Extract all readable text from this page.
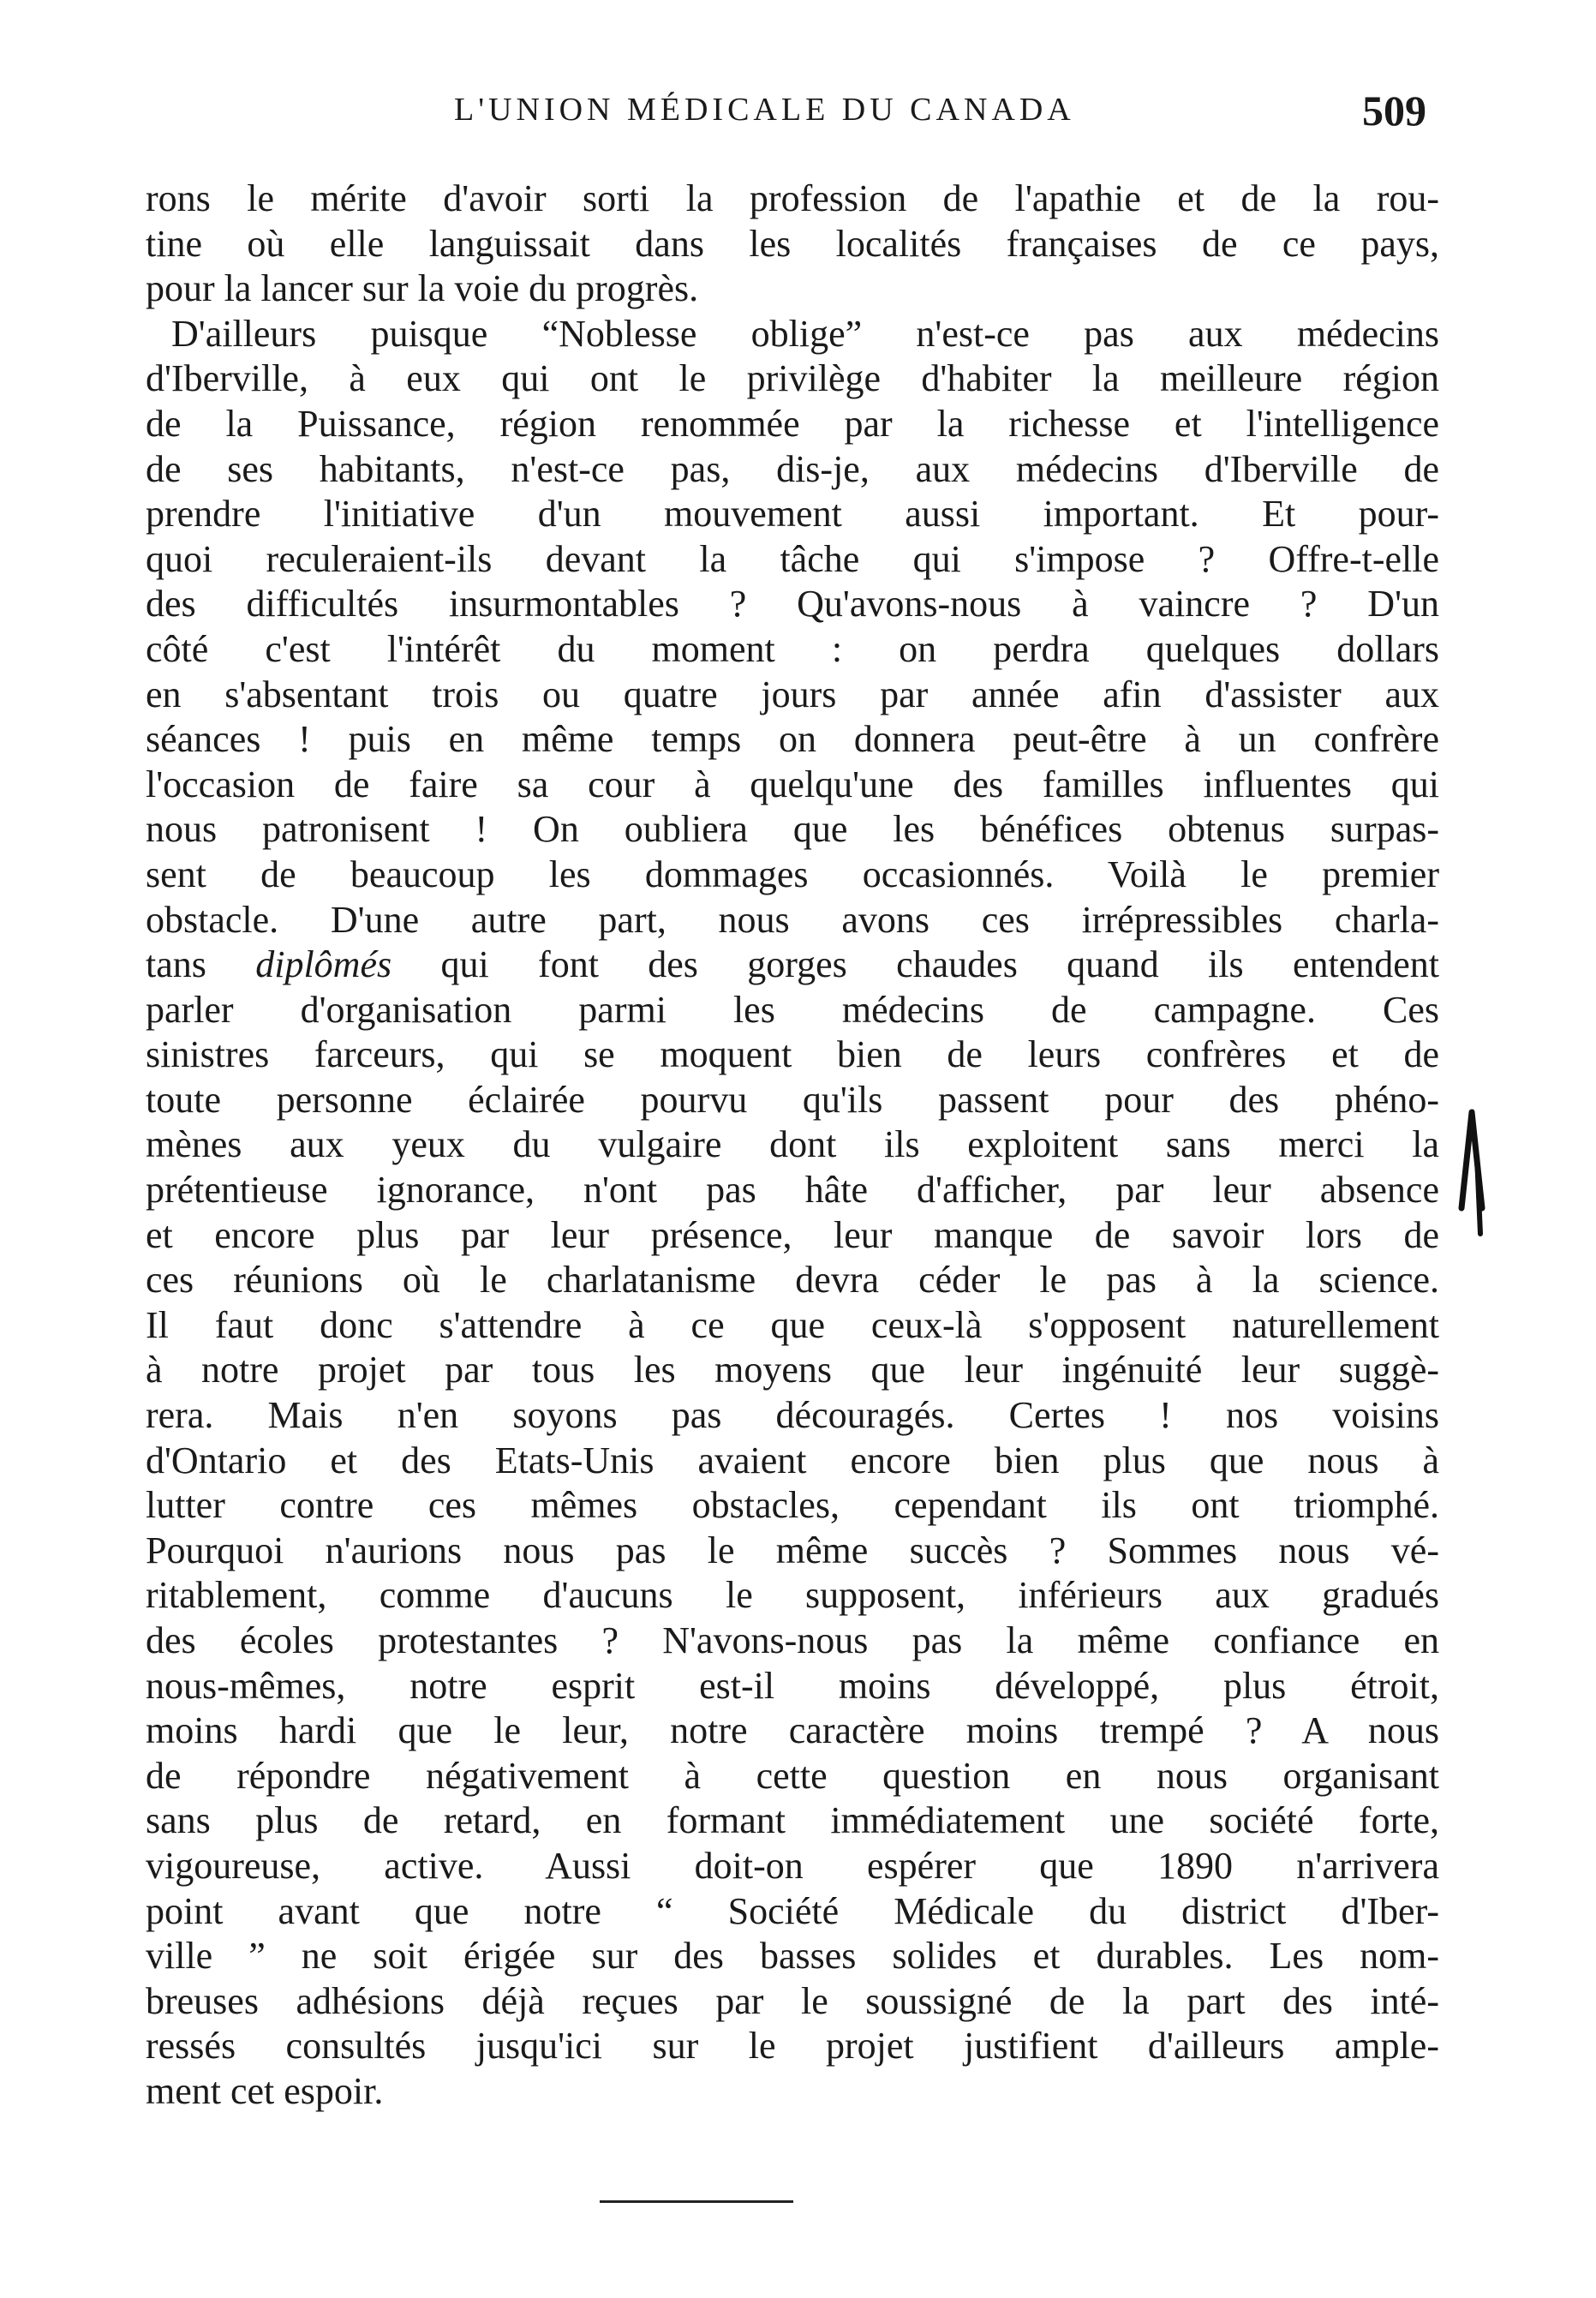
L'UNION MÉDICALE DU CANADA	509
rons le mérite d'avoir sorti la profession de l'apathie et de la rou-
tine où elle languissait dans les localités françaises de ce pays,
pour la lancer sur la voie du progrès.
D'ailleurs puisque “Noblesse oblige” n'est-ce pas aux médecins
d'Iberville, à eux qui ont le privilège d'habiter la meilleure région
de la Puissance, région renommée par la richesse et l'intelligence
de ses habitants, n'est-ce pas, dis-je, aux médecins d'Iberville de
prendre l'initiative d'un mouvement aussi important. Et pour-
quoi reculeraient-ils devant la tâche qui s'impose ? Offre-t-elle
des difficultés insurmontables ? Qu'avons-nous à vaincre ? D'un
côté c'est l'intérêt du moment : on perdra quelques dollars
en s'absentant trois ou quatre jours par année afin d'assister aux
séances ! puis en même temps on donnera peut-être à un confrère
l'occasion de faire sa cour à quelqu'une des familles influentes qui
nous patronisent ! On oubliera que les bénéfices obtenus surpas-
sent de beaucoup les dommages occasionnés. Voilà le premier
obstacle. D'une autre part, nous avons ces irrépressibles charla-
tans diplômés qui font des gorges chaudes quand ils entendent
parler d'organisation parmi les médecins de campagne. Ces
sinistres farceurs, qui se moquent bien de leurs confrères et de
toute personne éclairée pourvu qu'ils passent pour des phéno-
mènes aux yeux du vulgaire dont ils exploitent sans merci la
prétentieuse ignorance, n'ont pas hâte d'afficher, par leur absence
et encore plus par leur présence, leur manque de savoir lors de
ces réunions où le charlatanisme devra céder le pas à la science.
Il faut donc s'attendre à ce que ceux-là s'opposent naturellement
à notre projet par tous les moyens que leur ingénuité leur suggè-
rera. Mais n'en soyons pas découragés. Certes ! nos voisins
d'Ontario et des Etats-Unis avaient encore bien plus que nous à
lutter contre ces mêmes obstacles, cependant ils ont triomphé.
Pourquoi n'aurions nous pas le même succès ? Sommes nous vé-
ritablement, comme d'aucuns le supposent, inférieurs aux gradués
des écoles protestantes ? N'avons-nous pas la même confiance en
nous-mêmes, notre esprit est-il moins développé, plus étroit,
moins hardi que le leur, notre caractère moins trempé ? A nous
de répondre négativement à cette question en nous organisant
sans plus de retard, en formant immédiatement une société forte,
vigoureuse, active. Aussi doit-on espérer que 1890 n'arrivera
point avant que notre “ Société Médicale du district d'Iber-
ville ” ne soit érigée sur des basses solides et durables. Les nom-
breuses adhésions déjà reçues par le soussigné de la part des inté-
ressés consultés jusqu'ici sur le projet justifient d'ailleurs ample-
ment cet espoir.
